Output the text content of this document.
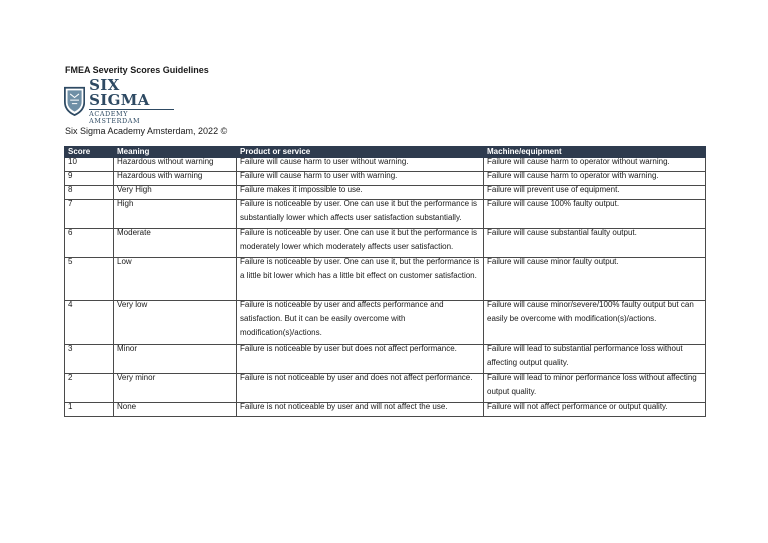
FMEA Severity Scores Guidelines
SIX SIGMA
ACADEMY AMSTERDAM
Six Sigma Academy Amsterdam, 2022 ©
Score	Meaning	Product or service	Machine/equipment

10	Hazardous without warning	Failure will cause harm to user without warning.	Failure will cause harm to operator without warning.

9	Hazardous with warning	Failure will cause harm to user with warning.	Failure will cause harm to operator with warning.

8	Very High	Failure makes it impossible to use.	Failure will prevent use of equipment.

7	High	Failure is noticeable by user. One can use it but the performance is substantially lower which affects user satisfaction substantially.	Failure will cause 100% faulty output.

6	Moderate	Failure is noticeable by user. One can use it but the performance is moderately lower which moderately affects user satisfaction.	Failure will cause substantial faulty output.

5	Low	Failure is noticeable by user. One can use it, but the performance is a little bit lower which has a little bit effect on customer satisfaction.	Failure will cause minor faulty output.

4	Very low	Failure is noticeable by user and affects performance and satisfaction. But it can be easily overcome with modification(s)/actions.	Failure will cause minor/severe/100% faulty output but can easily be overcome with modification(s)/actions.

3	Minor	Failure is noticeable by user but does not affect performance.	Failure will lead to substantial performance loss without affecting output quality.

2	Very minor	Failure is not noticeable by user and does not affect performance.	Failure will lead to minor performance loss without affecting output quality.

1	None	Failure is not noticeable by user and will not affect the use.	Failure will not affect performance or output quality.
